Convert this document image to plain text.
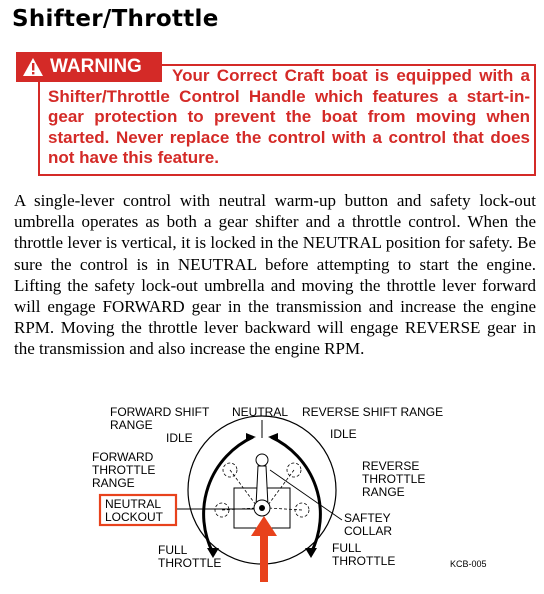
Shifter/Throttle
WARNING	Your Correct Craft boat is equipped with a Shifter/Throttle Control Handle which features a start-in-gear protection to prevent the boat from moving when started. Never replace the control with a control that does not have this feature.
A single-lever control with neutral warm-up button and safety lock-out umbrella operates as both a gear shifter and a throttle control. When the throttle lever is vertical, it is locked in the NEUTRAL position for safety. Be sure the control is in NEUTRAL before attempting to start the engine. Lifting the safety lock-out umbrella and moving the throttle lever forward will engage FORWARD gear in the transmission and increase the engine RPM. Moving the throttle lever backward will engage REVERSE gear in the transmission and also increase the engine RPM.
FORWARD SHIFT
RANGE
NEUTRAL REVERSE SHIFT RANGE
IDLE	IDLE
FORWARD
THROTTLE
RANGE
REVERSE
THROTTLE
RANGE
NEUTRAL
LOCKOUT	SAFTEY
COLLAR
FULL
THROTTLE
FULL
THROTTLE	KCB-005
